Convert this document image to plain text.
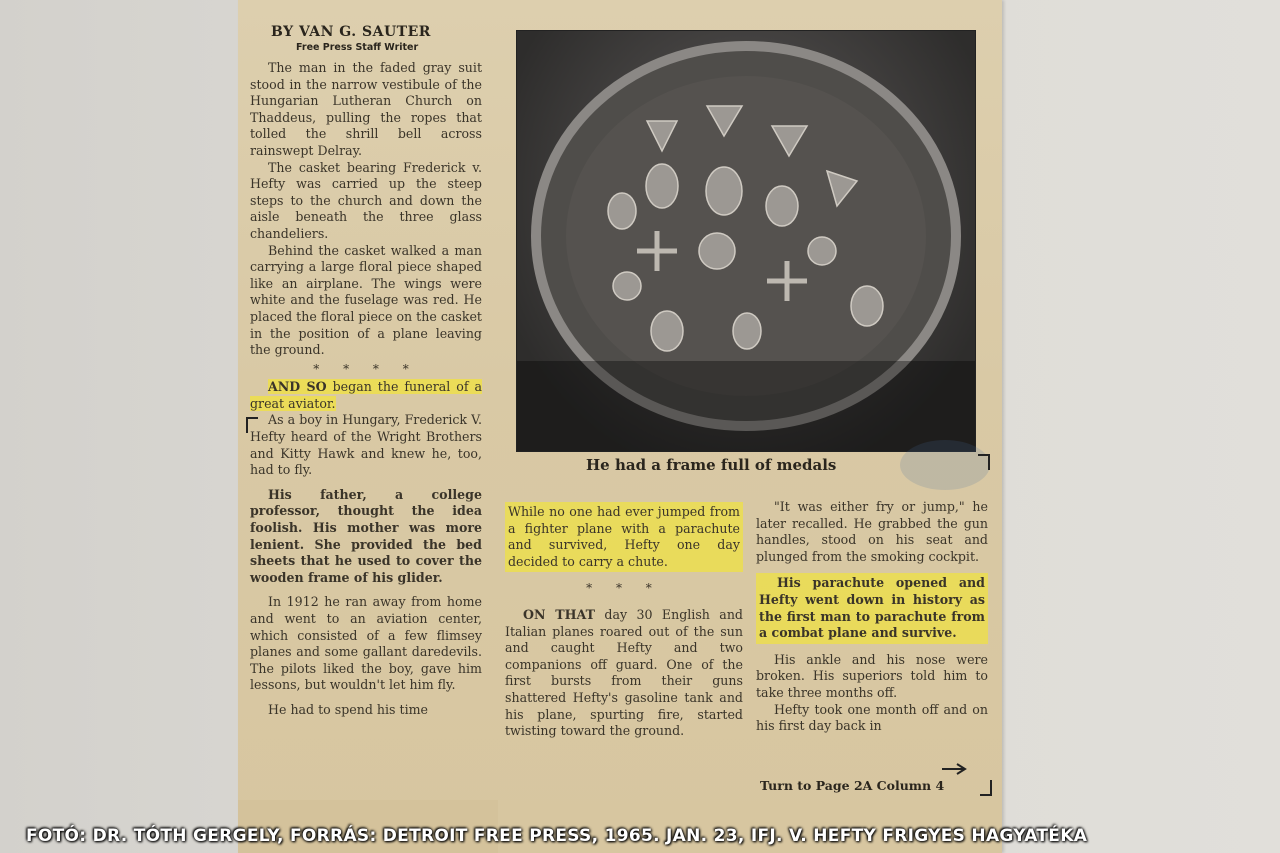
BY VAN G. SAUTER
Free Press Staff Writer

The man in the faded gray suit stood in the narrow vestibule of the Hungarian Lutheran Church on Thaddeus, pulling the ropes that tolled the shrill bell across rainswept Delray.

The casket bearing Frederick v. Hefty was carried up the steep steps to the church and down the aisle beneath the three glass chandeliers.

Behind the casket walked a man carrying a large floral piece shaped like an airplane. The wings were white and the fuselage was red. He placed the floral piece on the casket in the position of a plane leaving the ground.

* * * *

AND SO began the funeral of a great aviator.

As a boy in Hungary, Frederick V. Hefty heard of the Wright Brothers and Kitty Hawk and knew he, too, had to fly.

His father, a college professor, thought the idea foolish. His mother was more lenient. She provided the bed sheets that he used to cover the wooden frame of his glider.

In 1912 he ran away from home and went to an aviation center, which consisted of a few flimsey planes and some gallant daredevils. The pilots liked the boy, gave him lessons, but wouldn't let him fly.

He had to spend his time

He had a frame full of medals

While no one had ever jumped from a fighter plane with a parachute and survived, Hefty one day decided to carry a chute.

* * *

ON THAT day 30 English and Italian planes roared out of the sun and caught Hefty and two companions off guard. One of the first bursts from their guns shattered Hefty's gasoline tank and his plane, spurting fire, started twisting toward the ground.

"It was either fry or jump," he later recalled. He grabbed the gun handles, stood on his seat and plunged from the smoking cockpit.

His parachute opened and Hefty went down in history as the first man to parachute from a combat plane and survive.

His ankle and his nose were broken. His superiors told him to take three months off.

Hefty took one month off and on his first day back in

Turn to Page 2A Column 4
FOTÓ: DR. TÓTH GERGELY, FORRÁS: DETROIT FREE PRESS, 1965. JAN. 23, IFJ. V. HEFTY FRIGYES HAGYATÉKA
